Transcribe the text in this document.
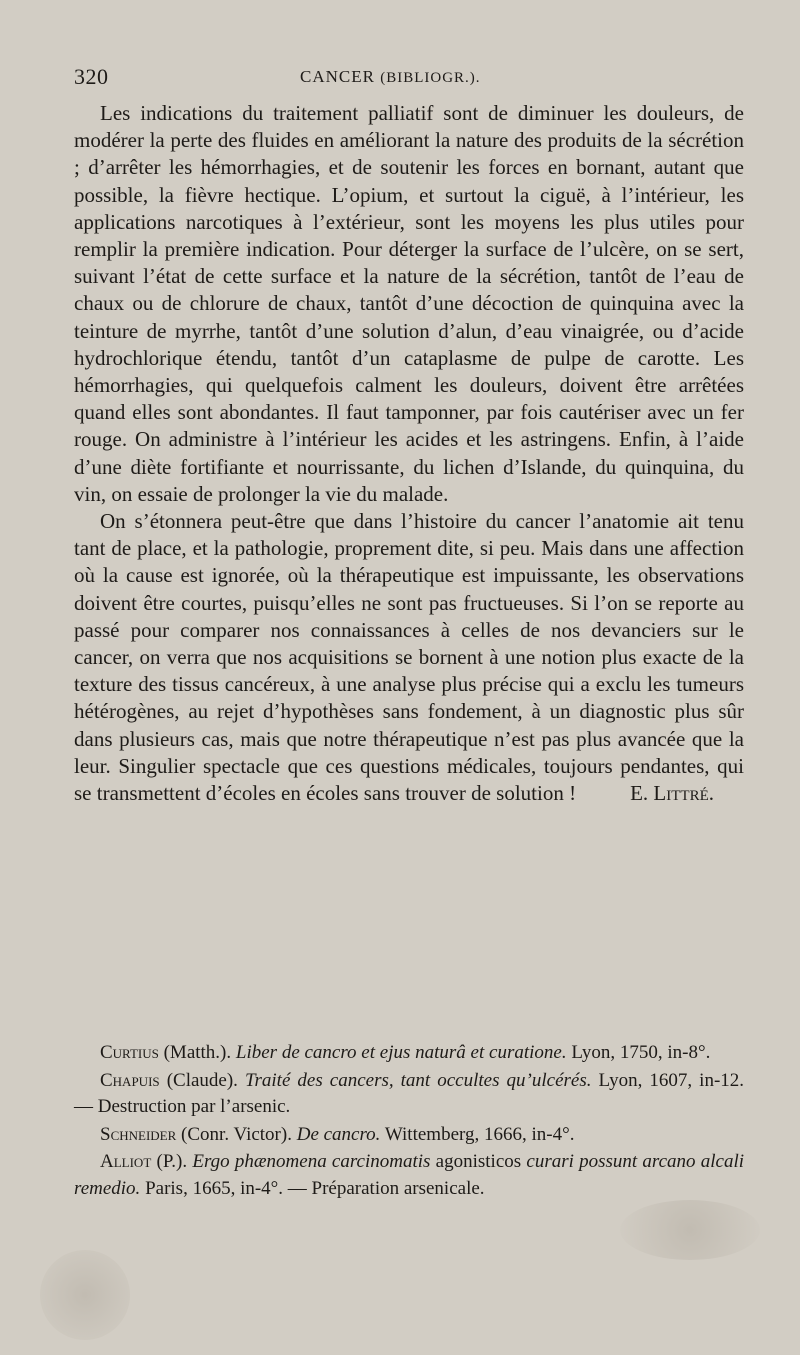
320	CANCER (BIBLIOGR.).

Les indications du traitement palliatif sont de diminuer les douleurs, de modérer la perte des fluides en améliorant la nature des produits de la sécrétion ; d’arrêter les hémorrhagies, et de soutenir les forces en bornant, autant que possible, la fièvre hectique. L’opium, et surtout la ciguë, à l’intérieur, les applications narcotiques à l’extérieur, sont les moyens les plus utiles pour remplir la première indication. Pour déterger la surface de l’ulcère, on se sert, suivant l’état de cette surface et la nature de la sécrétion, tantôt de l’eau de chaux ou de chlorure de chaux, tantôt d’une décoction de quinquina avec la teinture de myrrhe, tantôt d’une solution d’alun, d’eau vinaigrée, ou d’acide hydrochlorique étendu, tantôt d’un cataplasme de pulpe de carotte. Les hémorrhagies, qui quelquefois calment les douleurs, doivent être arrêtées quand elles sont abondantes. Il faut tamponner, par fois cautériser avec un fer rouge. On administre à l’intérieur les acides et les astringens. Enfin, à l’aide d’une diète fortifiante et nourrissante, du lichen d’Islande, du quinquina, du vin, on essaie de prolonger la vie du malade.

On s’étonnera peut-être que dans l’histoire du cancer l’anatomie ait tenu tant de place, et la pathologie, proprement dite, si peu. Mais dans une affection où la cause est ignorée, où la thérapeutique est impuissante, les observations doivent être courtes, puisqu’elles ne sont pas fructueuses. Si l’on se reporte au passé pour comparer nos connaissances à celles de nos devanciers sur le cancer, on verra que nos acquisitions se bornent à une notion plus exacte de la texture des tissus cancéreux, à une analyse plus précise qui a exclu les tumeurs hétérogènes, au rejet d’hypothèses sans fondement, à un diagnostic plus sûr dans plusieurs cas, mais que notre thérapeutique n’est pas plus avancée que la leur. Singulier spectacle que ces questions médicales, toujours pendantes, qui se transmettent d’écoles en écoles sans trouver de solution !	E. Littré.

Curtius (Matth.). Liber de cancro et ejus naturâ et curatione. Lyon, 1750, in-8°.

Chapuis (Claude). Traité des cancers, tant occultes qu’ulcérés. Lyon, 1607, in-12. — Destruction par l’arsenic.

Schneider (Conr. Victor). De cancro. Wittemberg, 1666, in-4°.

Alliot (P.). Ergo phænomena carcinomatis agonisticos curari possunt arcano alcali remedio. Paris, 1665, in-4°. — Préparation arsenicale.
